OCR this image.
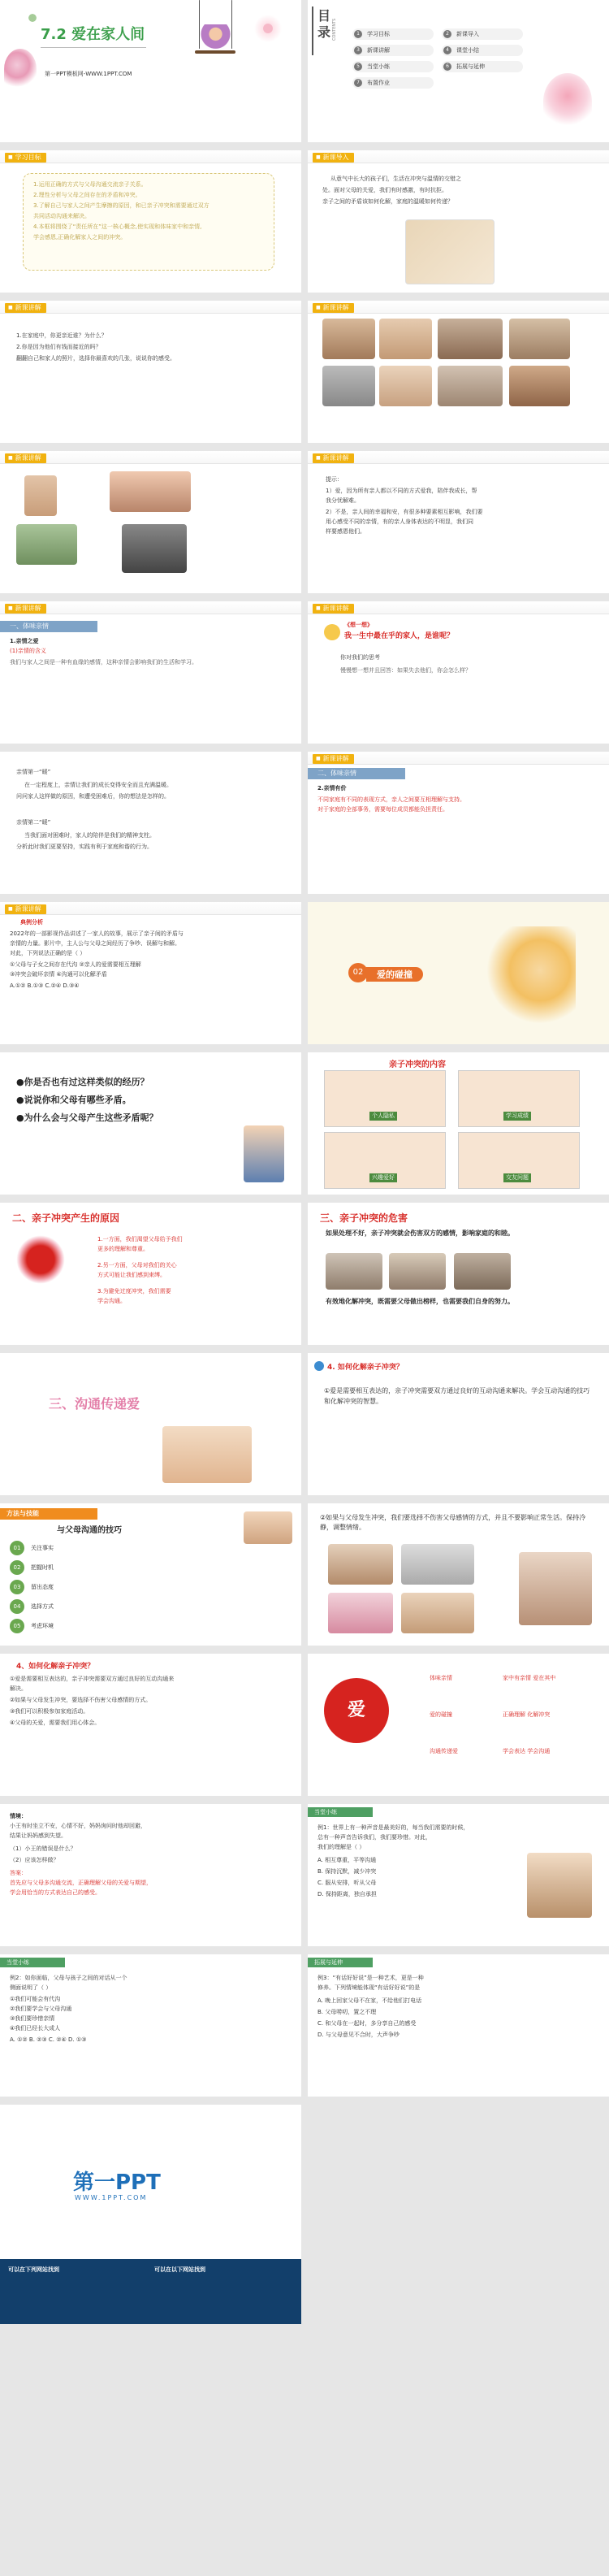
7.2 爱在家人间
第一PPT模板网-WWW.1PPT.COM
目录 CONTENTS	1	学习目标	2	新课导入
3	新课讲解	4	课堂小结
5	当堂小练	6	拓展与延伸
7	布置作业
■ 学习目标
1.运用正确的方式与父母沟通交流亲子关系。
2.理性分析与父母之间存在的矛盾和冲突。
3.了解自己与家人之间产生摩擦的原因，和已亲子冲突和需要通过双方
共同活动沟通来解决。
4.本框将围绕了“责任所在”这一核心概念,使实现和体味家中和亲情,
学会感恩,正确化解家人之间的冲突。
■ 新课导入
从意气中长大的孩子们，生活在冲突与温情的交错之
处。面对父母的关爱，我们有时感激，有时抗拒。
亲子之间的矛盾该如何化解，家庭的温暖如何传递？
■ 新课讲解
1.在家庭中，你更亲近谁？为什么？
2.你是因为他们有钱而接近的吗？
翻翻自己和家人的照片，选择你最喜欢的几张，说说你的感受。
■ 新课讲解
■ 新课讲解
■	新课讲解
提示：
1）爱，因为所有亲人都以不同的方式爱我，陪伴我成长，帮
我分忧解难。
2）不是，亲人间的幸福和安，有很多种要素相互影响，我们要
用心感受不同的亲情，有的亲人身体表达的不明显，我们同
样要感恩他们。
■ 新课讲解
一、体味亲情
1.亲情之爱
(1)亲情的含义
我们与家人之间是一种有血缘的感情，这种亲情会影响我们的生活和学习。
■ 新课讲解
《想一想》
我一生中最在乎的家人，是谁呢？
你对我们的思考
慢慢想一想并且回答：如果失去他们，你会怎么样？
亲情第一“暖”
在一定程度上，亲情让我们的成长变得安全而且充满温暖。
问问家人这样做的原因，和遭受困难后，你的想法是怎样的。
亲情第二“暖”
当我们面对困难时，家人的陪伴是我们的精神支柱。
分析此时我们更要坚持，实践有利于家庭和谐的行为。
■ 新课讲解
二、体味亲情
2.亲情有价
不同家庭有不同的表现方式，亲人之间要互相理解与支持。
对于家庭的全部事务，需要每位成员都能负担责任。
■ 新课讲解
典例分析
2022年的一部影视作品讲述了一家人的故事，展示了亲子间的矛盾与
亲情的力量。影片中，主人公与父母之间经历了争吵、误解与和解。
对此，下列说法正确的是（ ）
①父母与子女之间存在代沟 ②亲人的爱需要相互理解
③冲突会破坏亲情 ④沟通可以化解矛盾
A.①② B.①③ C.②④ D.③④
02	爱的碰撞
●你是否也有过这样类似的经历？
●说说你和父母有哪些矛盾。
●为什么会与父母产生这些矛盾呢？
亲子冲突的内容
个人隐私	学习成绩
兴趣爱好	交友问题
二、亲子冲突产生的原因
1.一方面，我们渴望父母给予我们
更多的理解和尊重。
2.另一方面，父母对我们的关心
方式可能让我们感到束缚。
3.为避免过度冲突，我们需要
学会沟通。
三、亲子冲突的危害
如果处理不好，亲子冲突就会伤害双方的感情，影响家庭的和睦。
有效地化解冲突，既需要父母做出榜样，也需要我们自身的努力。
三、沟通传递爱
4. 如何化解亲子冲突？
①爱是需要相互表达的，亲子冲突需要双方通过良好的互动沟通来解决。学会互动沟通的技巧和化解冲突的智慧。
方法与技能
与父母沟通的技巧
01	关注事实
02	把握时机
03	留出态度
04	选择方式
05	考虑环境
②如果与父母发生冲突，我们要选择不伤害父母感情的方式，并且不要影响正常生活。保持冷静，调整情绪。
4、如何化解亲子冲突？
①爱是需要相互表达的，亲子冲突需要双方通过良好的互动沟通来
解决。
②如果与父母发生冲突，要选择不伤害父母感情的方式。
③我们可以积极参加家庭活动。
④父母的关爱，需要我们用心体会。
爱
体味亲情	家中有亲情 爱在其中
爱的碰撞	正确理解 化解冲突
沟通传递爱	学会表达 学会沟通
情境：
小王有时坐立不安，心情不好，妈妈询问时他却回避，
结果让妈妈感到失望。
（1）小王的错误是什么？
（2）应该怎样做？
答案：
首先应与父母多沟通交流，正确理解父母的关爱与期望，
学会用恰当的方式表达自己的感受。
当堂小练
例1：世界上有一种声音是最美好的，每当我们需要的时候，
总有一种声音告诉我们，我们要珍惜。对此，
我们的理解是（ ）
A. 相互尊重，平等沟通
B. 保持沉默，减少冲突
C. 服从安排，听从父母
D. 保持距离，独自承担
当堂小练
例2：如你面临，父母与孩子之间的对话从一个
侧面说明了（ ）
①我们可能会有代沟
②我们要学会与父母沟通
③我们要珍惜亲情
④我们已经长大成人
A. ①② B. ②③ C. ②④ D. ①③
拓展与延伸
例3：“有话好好说”是一种艺术，更是一种
修养。下列情境能体现“有话好好说”的是
A. 晚上回家父母不在家，不给他们打电话
B. 父母唠叨，置之不理
C. 和父母在一起时，多分享自己的感受
D. 与父母意见不合时，大声争吵
第一PPT
WWW.1PPT.COM
可以在下列网站找到	可以在以下网站找到
